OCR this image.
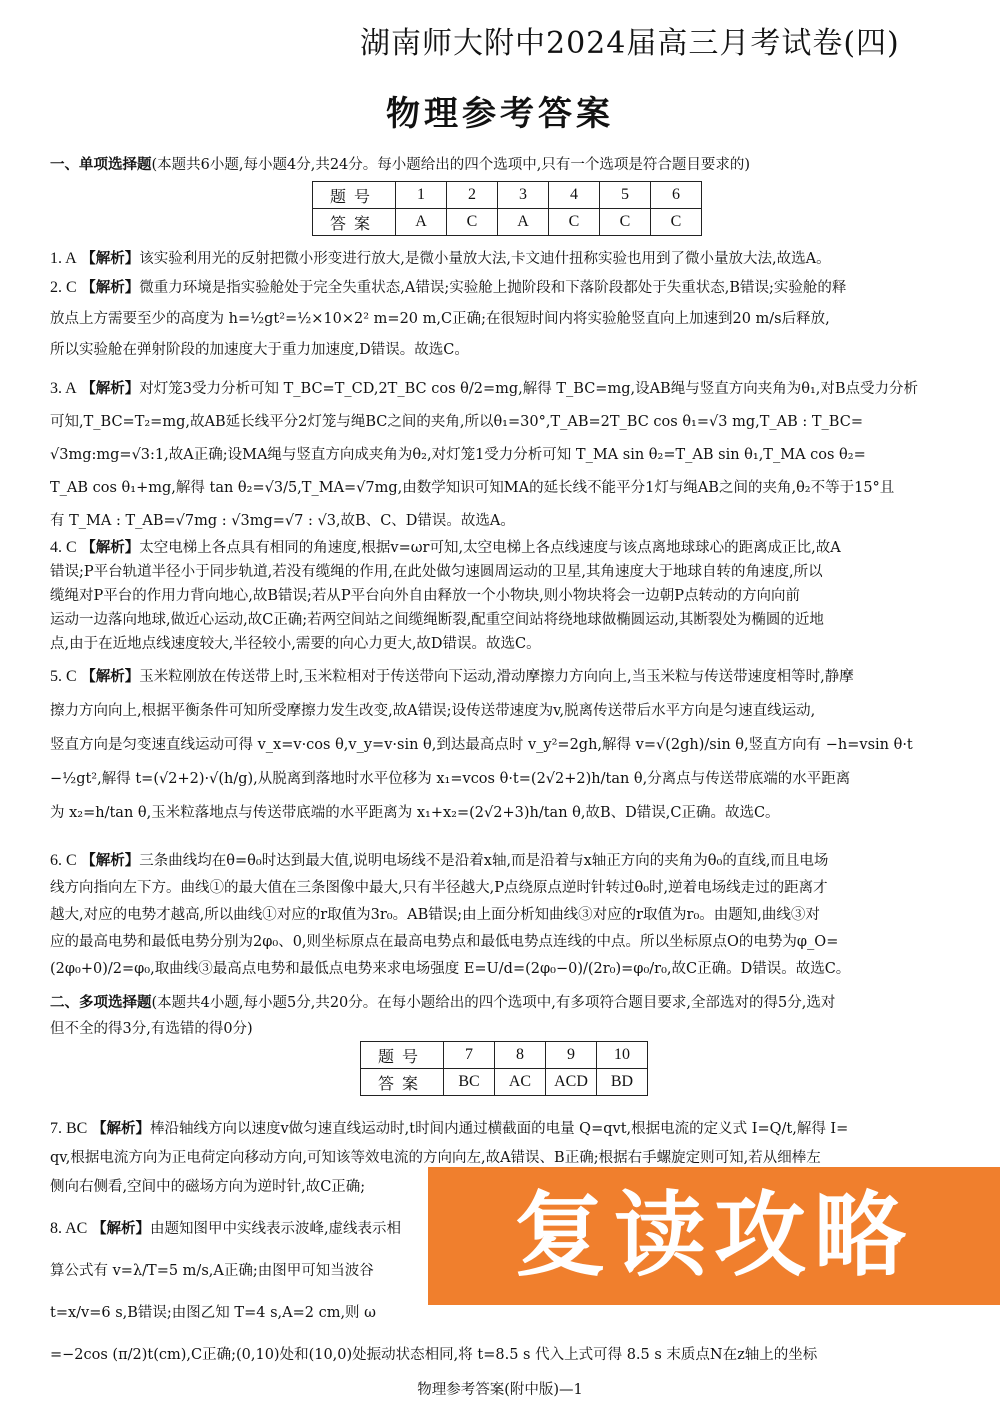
湖南师大附中2024届高三月考试卷(四)
物理参考答案
一、单项选择题(本题共6小题,每小题4分,共24分。每小题给出的四个选项中,只有一个选项是符合题目要求的)
题号	1	2	3	4	5	6
答案	A	C	A	C	C	C

1. A 【解析】该实验利用光的反射把微小形变进行放大,是微小量放大法,卡文迪什扭称实验也用到了微小量放大法,故选A。

2. C 【解析】微重力环境是指实验舱处于完全失重状态,A错误;实验舱上抛阶段和下落阶段都处于失重状态,B错误;实验舱的释

放点上方需要至少的高度为 h=½gt²=½×10×2² m=20 m,C正确;在很短时间内将实验舱竖直向上加速到20 m/s后释放,

所以实验舱在弹射阶段的加速度大于重力加速度,D错误。故选C。

3. A 【解析】对灯笼3受力分析可知 T_BC=T_CD,2T_BC cos θ/2=mg,解得 T_BC=mg,设AB绳与竖直方向夹角为θ₁,对B点受力分析

可知,T_BC=T₂=mg,故AB延长线平分2灯笼与绳BC之间的夹角,所以θ₁=30°,T_AB=2T_BC cos θ₁=√3 mg,T_AB : T_BC=

√3mg:mg=√3:1,故A正确;设MA绳与竖直方向成夹角为θ₂,对灯笼1受力分析可知 T_MA sin θ₂=T_AB sin θ₁,T_MA cos θ₂=

T_AB cos θ₁+mg,解得 tan θ₂=√3/5,T_MA=√7mg,由数学知识可知MA的延长线不能平分1灯与绳AB之间的夹角,θ₂不等于15°且

有 T_MA : T_AB=√7mg : √3mg=√7 : √3,故B、C、D错误。故选A。

4. C 【解析】太空电梯上各点具有相同的角速度,根据v=ωr可知,太空电梯上各点线速度与该点离地球球心的距离成正比,故A

错误;P平台轨道半径小于同步轨道,若没有缆绳的作用,在此处做匀速圆周运动的卫星,其角速度大于地球自转的角速度,所以

缆绳对P平台的作用力背向地心,故B错误;若从P平台向外自由释放一个小物块,则小物块将会一边朝P点转动的方向向前

运动一边落向地球,做近心运动,故C正确;若两空间站之间缆绳断裂,配重空间站将绕地球做椭圆运动,其断裂处为椭圆的近地

点,由于在近地点线速度较大,半径较小,需要的向心力更大,故D错误。故选C。

5. C 【解析】玉米粒刚放在传送带上时,玉米粒相对于传送带向下运动,滑动摩擦力方向向上,当玉米粒与传送带速度相等时,静摩

擦力方向向上,根据平衡条件可知所受摩擦力发生改变,故A错误;设传送带速度为v,脱离传送带后水平方向是匀速直线运动,

竖直方向是匀变速直线运动可得 v_x=v·cos θ,v_y=v·sin θ,到达最高点时 v_y²=2gh,解得 v=√(2gh)/sin θ,竖直方向有 −h=vsin θ·t

−½gt²,解得 t=(√2+2)·√(h/g),从脱离到落地时水平位移为 x₁=vcos θ·t=(2√2+2)h/tan θ,分离点与传送带底端的水平距离

为 x₂=h/tan θ,玉米粒落地点与传送带底端的水平距离为 x₁+x₂=(2√2+3)h/tan θ,故B、D错误,C正确。故选C。

6. C 【解析】三条曲线均在θ=θ₀时达到最大值,说明电场线不是沿着x轴,而是沿着与x轴正方向的夹角为θ₀的直线,而且电场

线方向指向左下方。曲线①的最大值在三条图像中最大,只有半径越大,P点绕原点逆时针转过θ₀时,逆着电场线走过的距离才

越大,对应的电势才越高,所以曲线①对应的r取值为3r₀。AB错误;由上面分析知曲线③对应的r取值为r₀。由题知,曲线③对

应的最高电势和最低电势分别为2φ₀、0,则坐标原点在最高电势点和最低电势点连线的中点。所以坐标原点O的电势为φ_O=

(2φ₀+0)/2=φ₀,取曲线③最高点电势和最低点电势来求电场强度 E=U/d=(2φ₀−0)/(2r₀)=φ₀/r₀,故C正确。D错误。故选C。

二、多项选择题(本题共4小题,每小题5分,共20分。在每小题给出的四个选项中,有多项符合题目要求,全部选对的得5分,选对
但不全的得3分,有选错的得0分)
题号	7	8	9	10
答案	BC	AC	ACD	BD

7. BC 【解析】棒沿轴线方向以速度v做匀速直线运动时,t时间内通过横截面的电量 Q=qvt,根据电流的定义式 I=Q/t,解得 I=

qv,根据电流方向为正电荷定向移动方向,可知该等效电流的方向向左,故A错误、B正确;根据右手螺旋定则可知,若从细棒左

侧向右侧看,空间中的磁场方向为逆时针,故C正确;

8. AC 【解析】由题知图甲中实线表示波峰,虚线表示相

算公式有 v=λ/T=5 m/s,A正确;由图甲可知当波谷

t=x/v=6 s,B错误;由图乙知 T=4 s,A=2 cm,则 ω

=−2cos (π/2)t(cm),C正确;(0,10)处和(10,0)处振动状态相同,将 t=8.5 s 代入上式可得 8.5 s 末质点N在z轴上的坐标

复读攻略
物理参考答案(附中版)—1
